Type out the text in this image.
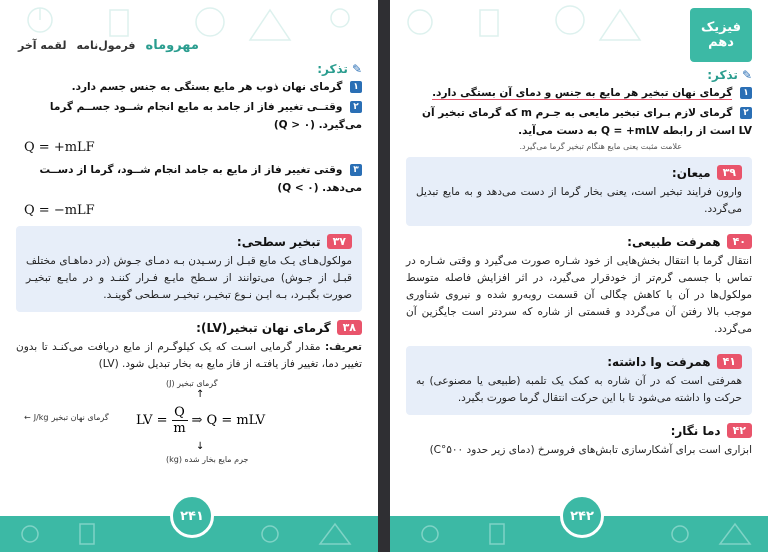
مهروماه
فرمول‌نامه
لقمه آخر
✎
تذکر:
۱ گرمای نهان ذوب هر مایع بستگی به جنس جسم دارد.
۲ وقتــی تغییر فاز از جامد به مایع انجام شــود جســم گرما می‌گیرد. (Q > ۰)
Q = +mLF
۳ وقتی تغییر فاز از مایع به جامد انجام شــود، گرما از دســت می‌دهد. (Q < ۰)
Q = −mLF
۳۷
تبخیر سطحی:
مولکول‌هـای یـک مایع قبـل از رسـیدن بـه دمـای جـوش (در دماهـای مختلف قبـل از جـوش) می‌توانند از سـطح مایـع فـرار کننـد و در مایـع تبخیـر صورت بگیـرد، بـه ایـن نـوع تبخیـر، تبخیـر سـطحی گوینـد.
۳۸
گرمای نهان تبخیر(LV):
تعریف: مقدار گرمایی اسـت که یک کیلوگـرم از مایع دریافت می‌کنـد تا بدون تغییر دما، تغییر فاز یافتـه از فاز مایع به بخار تبدیل شود. (LV)
گرمای تبخیر (J)
↑
LV =
Q
m
⇒ Q = mLV
گرمای نهان تبخیر
J/kg
←
↓
جرم مایع بخار شده (kg)
۲۴۱
فیزیک
دهم
✎
تذکر:
۱ گرمای نهان تبخیر هر مایع به جنس و دمای آن بستگی دارد.
۲ گرمای لازم بـرای تبخیر مایعی به جـرم m که گرمای تبخیر آن LV است از رابطه Q = +mLV به دست می‌آید.
علامت مثبت یعنی مایع هنگام تبخیر گرما می‌گیرد.
۳۹
میعان:
وارون فرایند تبخیر است، یعنی بخار گرما از دست می‌دهد و به مایع تبدیل می‌گردد.
۴۰
همرفت طبیعی:
انتقال گرما با انتقال بخش‌هایی از خود شـاره صورت می‌گیرد و وقتی شـاره در تماس با جسمی گرم‌تر از خودقرار می‌گیرد، در اثر افزایش فاصله متوسط مولکول‌ها در آن با کاهش چگالی آن قسمت روبه‌رو شده و نیروی شناوری موجب بالا رفتن آن می‌گردد و قسمتی از شاره که سردتر است جایگزین آن می‌گردد.
۴۱
همرفت وا داشته:
همرفتی است که در آن شاره به کمک یک تلمبه (طبیعی یا مصنوعی) به حرکت وا داشته می‌شود تا با این حرکت انتقال گرما صورت بگیرد.
۴۲
دما نگار:
ابزاری است برای آشکارسازی تابش‌های فروسرخ (دمای زیر حدود ۵۰۰°C)
۲۴۲
